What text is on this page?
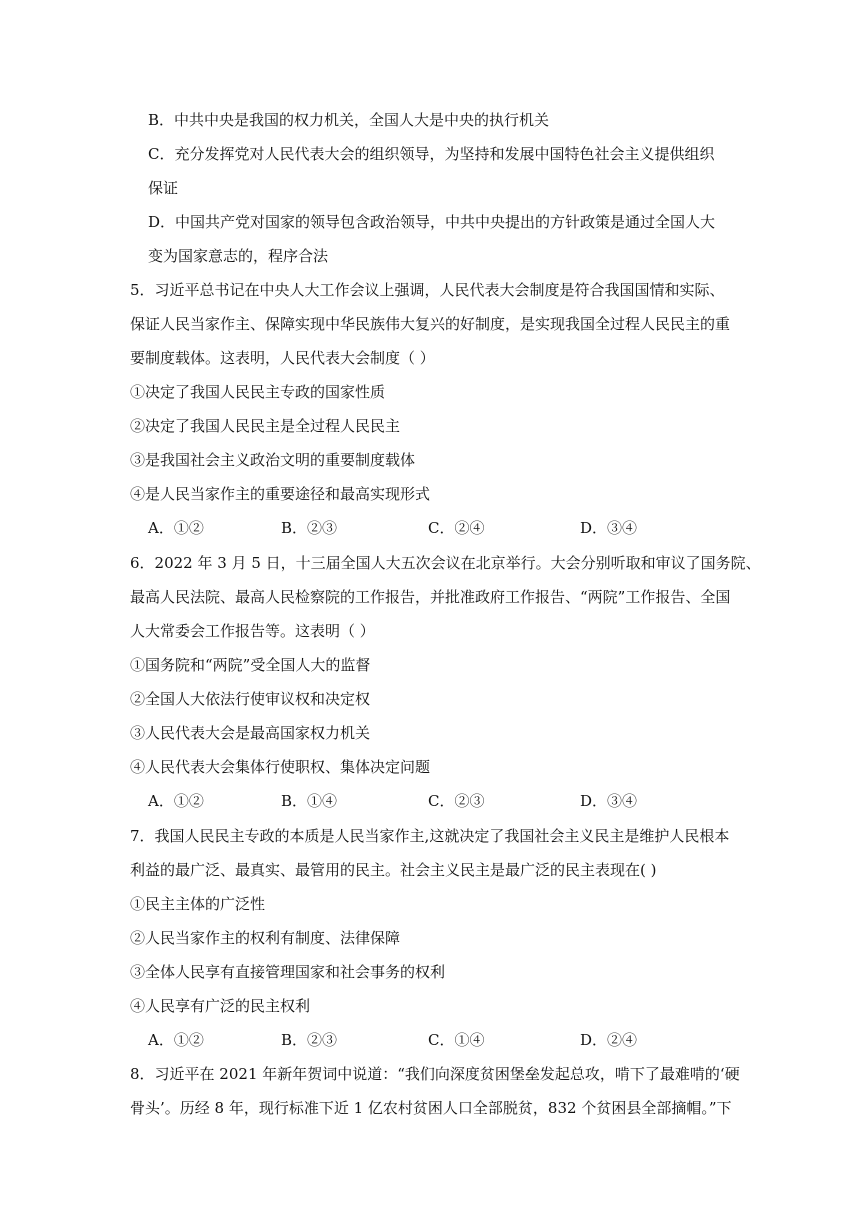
B．中共中央是我国的权力机关，全国人大是中央的执行机关
C．充分发挥党对人民代表大会的组织领导，为坚持和发展中国特色社会主义提供组织
保证
D．中国共产党对国家的领导包含政治领导，中共中央提出的方针政策是通过全国人大
变为国家意志的，程序合法
5．习近平总书记在中央人大工作会议上强调，人民代表大会制度是符合我国国情和实际、
保证人民当家作主、保障实现中华民族伟大复兴的好制度，是实现我国全过程人民民主的重
要制度载体。这表明，人民代表大会制度（ ）
①决定了我国人民民主专政的国家性质
②决定了我国人民民主是全过程人民民主
③是我国社会主义政治文明的重要制度载体
④是人民当家作主的重要途径和最高实现形式
A．①②	B．②③	C．②④	D．③④
6．2022 年 3 月 5 日，十三届全国人大五次会议在北京举行。大会分别听取和审议了国务院、
最高人民法院、最高人民检察院的工作报告，并批准政府工作报告、“两院”工作报告、全国
人大常委会工作报告等。这表明（ ）
①国务院和“两院”受全国人大的监督
②全国人大依法行使审议权和决定权
③人民代表大会是最高国家权力机关
④人民代表大会集体行使职权、集体决定问题
A．①②	B．①④	C．②③	D．③④
7．我国人民民主专政的本质是人民当家作主,这就决定了我国社会主义民主是维护人民根本
利益的最广泛、最真实、最管用的民主。社会主义民主是最广泛的民主表现在( )
①民主主体的广泛性
②人民当家作主的权利有制度、法律保障
③全体人民享有直接管理国家和社会事务的权利
④人民享有广泛的民主权利
A．①②	B．②③	C．①④	D．②④
8．习近平在 2021 年新年贺词中说道：“我们向深度贫困堡垒发起总攻，啃下了最难啃的‘硬
骨头’。历经 8 年，现行标准下近 1 亿农村贫困人口全部脱贫，832 个贫困县全部摘帽。”下
